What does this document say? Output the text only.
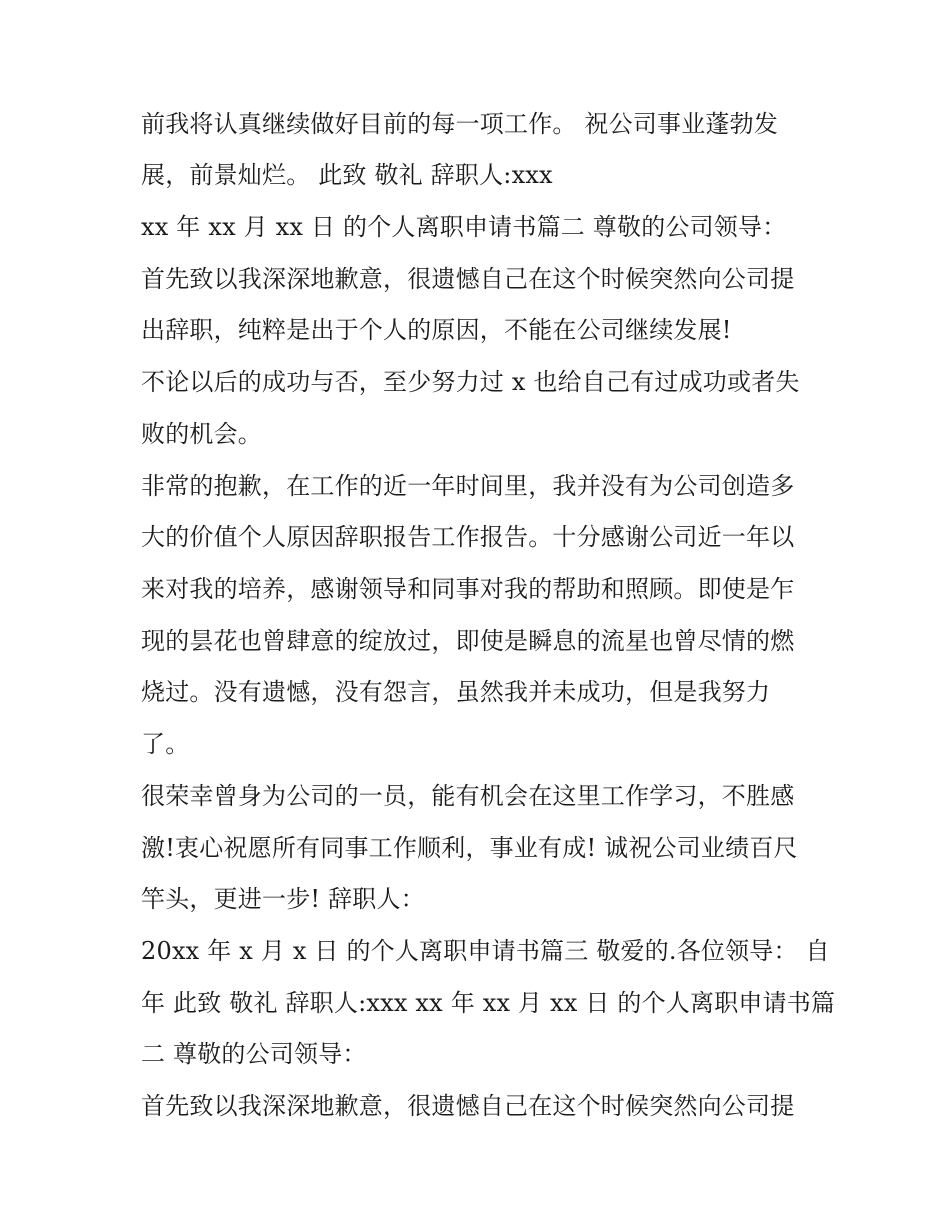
前我将认真继续做好目前的每一项工作。 祝公司事业蓬勃发
展，前景灿烂。 此致 敬礼 辞职人:xxx
xx 年 xx 月 xx 日 的个人离职申请书篇二 尊敬的公司领导：
首先致以我深深地歉意，很遗憾自己在这个时候突然向公司提
出辞职，纯粹是出于个人的原因，不能在公司继续发展!
不论以后的成功与否，至少努力过 x 也给自己有过成功或者失
败的机会。
非常的抱歉，在工作的近一年时间里，我并没有为公司创造多
大的价值个人原因辞职报告工作报告。十分感谢公司近一年以
来对我的培养，感谢领导和同事对我的帮助和照顾。即使是乍
现的昙花也曾肆意的绽放过，即使是瞬息的流星也曾尽情的燃
烧过。没有遗憾，没有怨言，虽然我并未成功，但是我努力
了。
很荣幸曾身为公司的一员，能有机会在这里工作学习，不胜感
激!衷心祝愿所有同事工作顺利，事业有成! 诚祝公司业绩百尺
竿头，更进一步! 辞职人：
20xx 年 x 月 x 日 的个人离职申请书篇三 敬爱的.各位领导： 自
年 此致 敬礼 辞职人:xxx xx 年 xx 月 xx 日 的个人离职申请书篇
二 尊敬的公司领导：
首先致以我深深地歉意，很遗憾自己在这个时候突然向公司提
